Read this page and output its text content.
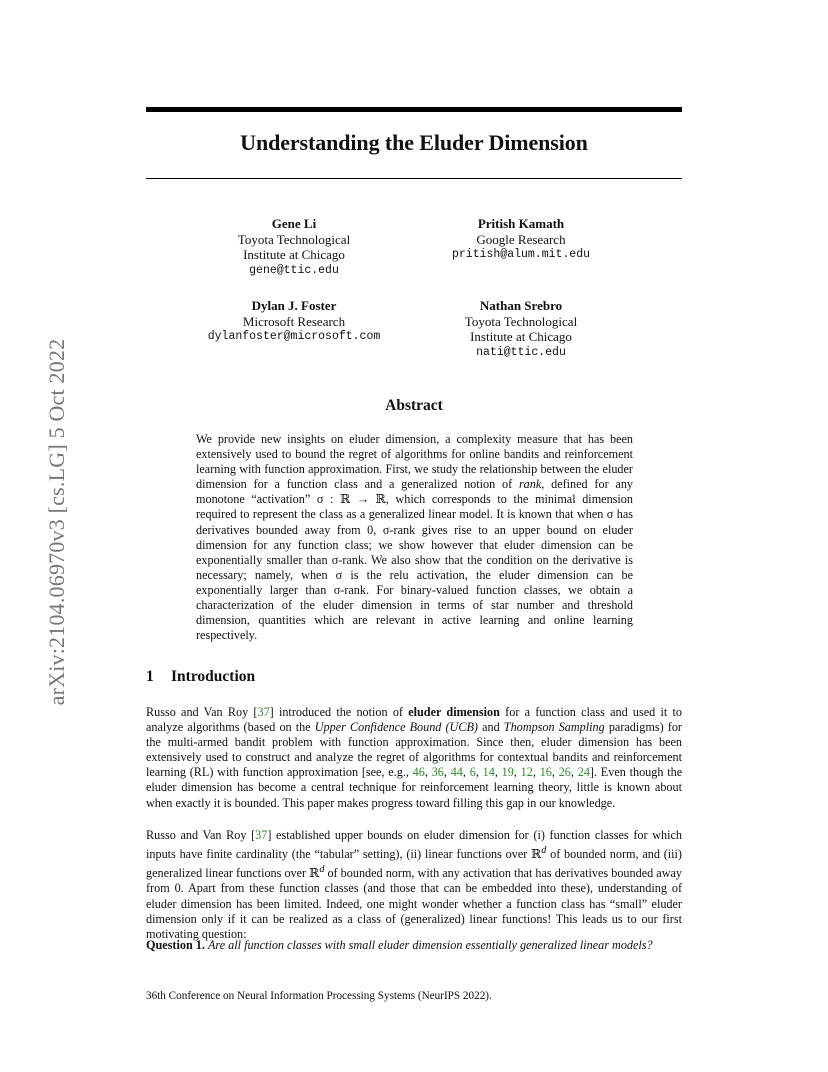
arXiv:2104.06970v3 [cs.LG] 5 Oct 2022
Understanding the Eluder Dimension
Gene Li
Toyota Technological
Institute at Chicago
gene@ttic.edu
Pritish Kamath
Google Research
pritish@alum.mit.edu
Dylan J. Foster
Microsoft Research
dylanfoster@microsoft.com
Nathan Srebro
Toyota Technological
Institute at Chicago
nati@ttic.edu
Abstract
We provide new insights on eluder dimension, a complexity measure that has been extensively used to bound the regret of algorithms for online bandits and reinforcement learning with function approximation. First, we study the relationship between the eluder dimension for a function class and a generalized notion of rank, defined for any monotone “activation” σ : ℝ → ℝ, which corresponds to the minimal dimension required to represent the class as a generalized linear model. It is known that when σ has derivatives bounded away from 0, σ-rank gives rise to an upper bound on eluder dimension for any function class; we show however that eluder dimension can be exponentially smaller than σ-rank. We also show that the condition on the derivative is necessary; namely, when σ is the relu activation, the eluder dimension can be exponentially larger than σ-rank. For binary-valued function classes, we obtain a characterization of the eluder dimension in terms of star number and threshold dimension, quantities which are relevant in active learning and online learning respectively.
1 Introduction
Russo and Van Roy [37] introduced the notion of eluder dimension for a function class and used it to analyze algorithms (based on the Upper Confidence Bound (UCB) and Thompson Sampling paradigms) for the multi-armed bandit problem with function approximation. Since then, eluder dimension has been extensively used to construct and analyze the regret of algorithms for contextual bandits and reinforcement learning (RL) with function approximation [see, e.g., 46, 36, 44, 6, 14, 19, 12, 16, 26, 24]. Even though the eluder dimension has become a central technique for reinforcement learning theory, little is known about when exactly it is bounded. This paper makes progress toward filling this gap in our knowledge.
Russo and Van Roy [37] established upper bounds on eluder dimension for (i) function classes for which inputs have finite cardinality (the “tabular” setting), (ii) linear functions over ℝ$^d$ of bounded norm, and (iii) generalized linear functions over ℝ$^d$ of bounded norm, with any activation that has derivatives bounded away from 0. Apart from these function classes (and those that can be embedded into these), understanding of eluder dimension has been limited. Indeed, one might wonder whether a function class has “small” eluder dimension only if it can be realized as a class of (generalized) linear functions! This leads us to our first motivating question:
Question 1. Are all function classes with small eluder dimension essentially generalized linear models?
36th Conference on Neural Information Processing Systems (NeurIPS 2022).
